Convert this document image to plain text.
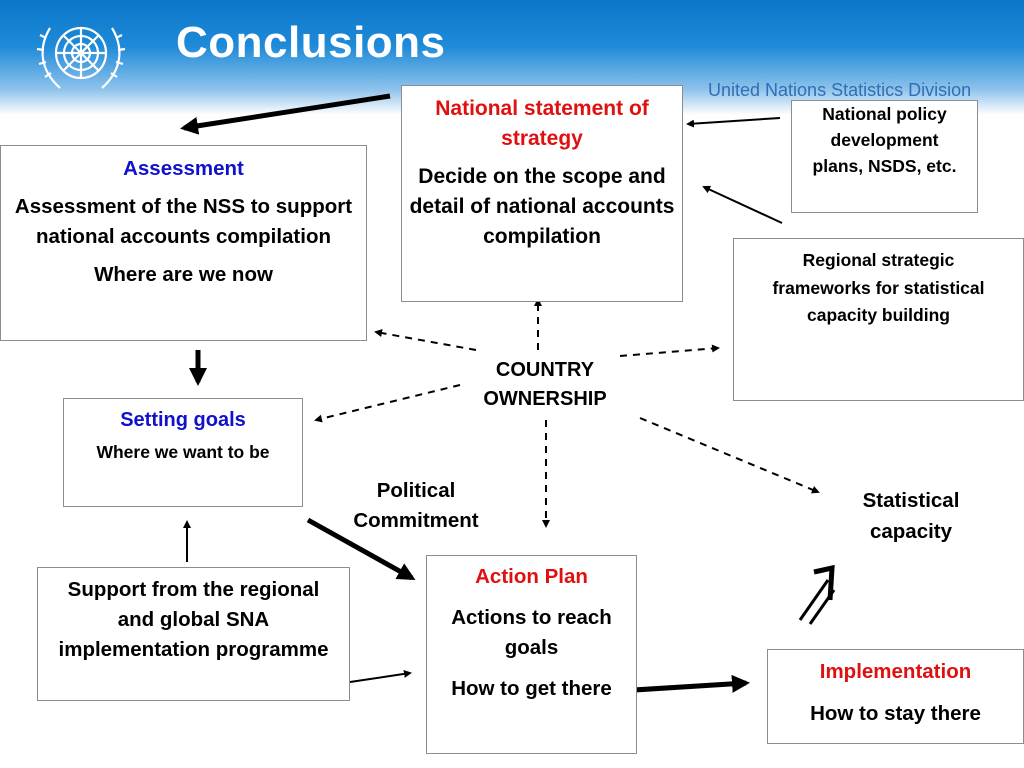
Conclusions
United Nations Statistics Division

National statement of strategy

Decide on the scope and detail of national accounts compilation

National policy development plans, NSDS, etc.

Regional strategic frameworks for statistical capacity building

Assessment

Assessment of the NSS to support national accounts compilation

Where are we now

COUNTRY
OWNERSHIP

Setting goals

Where we want to be

Political
Commitment
Statistical
capacity

Support from the regional and global SNA implementation programme

Action Plan

Actions to reach goals

How to get there

Implementation

How to stay there
